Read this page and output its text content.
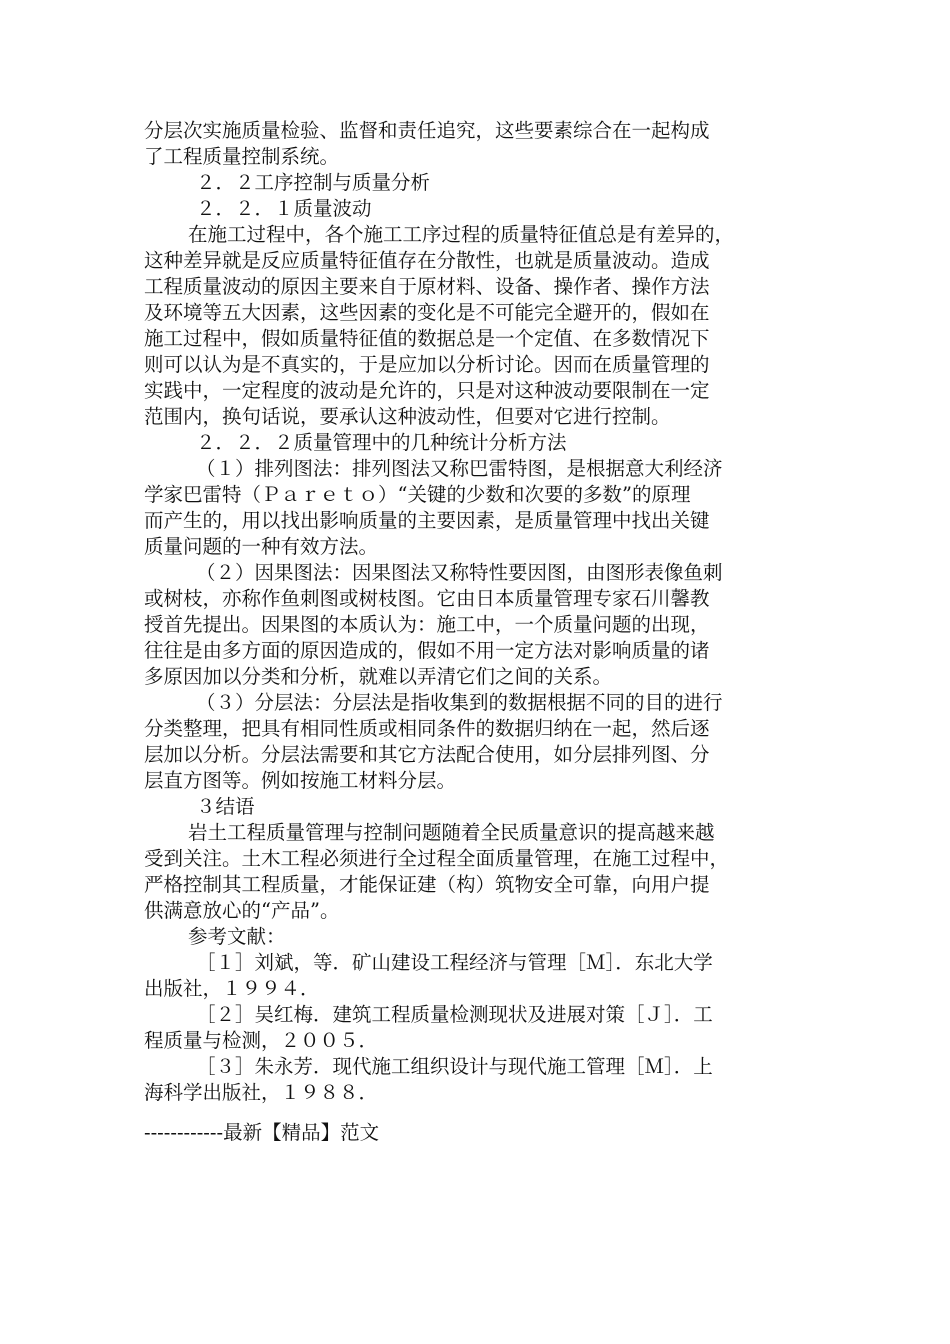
分层次实施质量检验、监督和责任追究，这些要素综合在一起构成
了工程质量控制系统。
２．２工序控制与质量分析
２．２．１质量波动
在施工过程中，各个施工工序过程的质量特征值总是有差异的，
这种差异就是反应质量特征值存在分散性，也就是质量波动。造成
工程质量波动的原因主要来自于原材料、设备、操作者、操作方法
及环境等五大因素，这些因素的变化是不可能完全避开的，假如在
施工过程中，假如质量特征值的数据总是一个定值、在多数情况下
则可以认为是不真实的，于是应加以分析讨论。因而在质量管理的
实践中，一定程度的波动是允许的，只是对这种波动要限制在一定
范围内，换句话说，要承认这种波动性，但要对它进行控制。
２．２．２质量管理中的几种统计分析方法
（１）排列图法：排列图法又称巴雷特图，是根据意大利经济
学家巴雷特（Ｐａｒｅｔｏ）“关键的少数和次要的多数”的原理
而产生的，用以找出影响质量的主要因素，是质量管理中找出关键
质量问题的一种有效方法。
（２）因果图法：因果图法又称特性要因图，由图形表像鱼刺
或树枝，亦称作鱼刺图或树枝图。它由日本质量管理专家石川馨教
授首先提出。因果图的本质认为：施工中，一个质量问题的出现，
往往是由多方面的原因造成的，假如不用一定方法对影响质量的诸
多原因加以分类和分析，就难以弄清它们之间的关系。
（３）分层法：分层法是指收集到的数据根据不同的目的进行
分类整理，把具有相同性质或相同条件的数据归纳在一起，然后逐
层加以分析。分层法需要和其它方法配合使用，如分层排列图、分
层直方图等。例如按施工材料分层。
３结语
岩土工程质量管理与控制问题随着全民质量意识的提高越来越
受到关注。土木工程必须进行全过程全面质量管理，在施工过程中，
严格控制其工程质量，才能保证建（构）筑物安全可靠，向用户提
供满意放心的“产品”。
参考文献：
［１］刘斌，等．矿山建设工程经济与管理［Ｍ］．东北大学
出版社，１９９４．
［２］吴红梅．建筑工程质量检测现状及进展对策［Ｊ］．工
程质量与检测，２００５．
［３］朱永芳．现代施工组织设计与现代施工管理［Ｍ］．上
海科学出版社，１９８８．
------------最新【精品】范文
